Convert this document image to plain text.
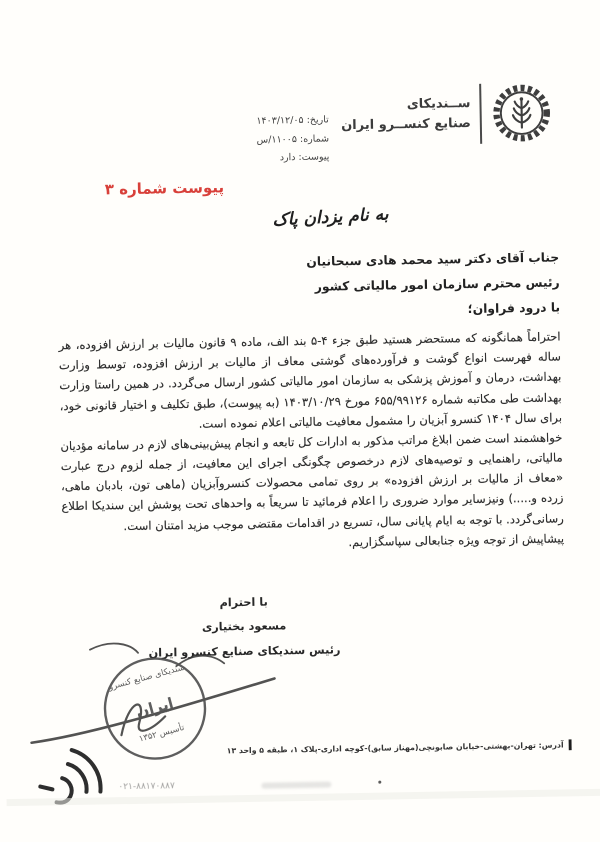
ســندیکای
صنایع کنســرو ایران
تاریخ: ۱۴۰۳/۱۲/۰۵
شماره: ۱۱۰۰۵/س
پیوست: دارد
پیوست شماره ۳
به نام یزدان پاک
جناب آقای دکتر سید محمد هادی سبحانیان
رئیس محترم سازمان امور مالیاتی کشور
با درود فراوان؛

احتراماً همانگونه که مستحضر هستید طبق جزء ۴-۵ بند الف، ماده ۹ قانون مالیات بر ارزش افزوده، هر ساله فهرست انواع گوشت و فرآورده‌های گوشتی معاف از مالیات بر ارزش افزوده، توسط وزارت بهداشت، درمان و آموزش پزشکی به سازمان امور مالیاتی کشور ارسال می‌گردد. در همین راستا وزارت بهداشت طی مکاتبه شماره ۶۵۵/۹۹۱۲۶ مورخ ۱۴۰۳/۱۰/۲۹ (به پیوست)، طبق تکلیف و اختیار قانونی خود، برای سال ۱۴۰۴ کنسرو آبزیان را مشمول معافیت مالیاتی اعلام نموده است.

خواهشمند است ضمن ابلاغ مراتب مذکور به ادارات کل تابعه و انجام پیش‌بینی‌های لازم در سامانه مؤدیان مالیاتی، راهنمایی و توصیه‌های لازم درخصوص چگونگی اجرای این معافیت، از جمله لزوم درج عبارت «معاف از مالیات بر ارزش افزوده» بر روی تمامی محصولات کنسروآبزیان (ماهی تون، بادبان ماهی، زرده و.....) ونیزسایر موارد ضروری را اعلام فرمائید تا سریعاً به واحدهای تحت پوشش این سندیکا اطلاع رسانی‌گردد. با توجه به ایام پایانی سال، تسریع در اقدامات مقتضی موجب مزید امتنان است.

پیشاپیش از توجه ویژه جنابعالی سپاسگزاریم.

با احترام
مسعود بختیاری
رئیس سندیکای صنایع کنسرو ایران
سندیکای صنایع کنسرو
ایران
تأسیس ۱۳۵۲
آدرس: تهران-بهشتی-خیابان صابونچی(مهناز سابق)-کوچه اداری-پلاک ۱، طبقه ۵ واحد ۱۳
۰۲۱-۸۸۱۷۰۸۸۷
